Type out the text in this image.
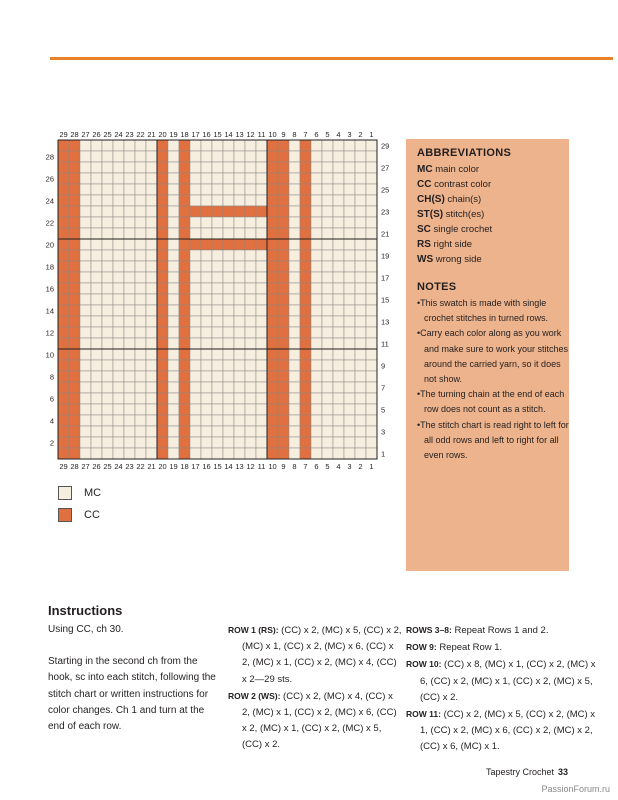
29
29
28
28
27
27
26
26
25
25
24
24
23
23
22
22
21
21
20
20
19
19
18
18
17
17
16
16
15
15
14
14
13
13
12
12
11
11
10
10
9
9
8
8
7
7
6
6
5
5
4
4
3
3
2
2
1
1
28
26
24
22
20
18
16
14
12
10
8
6
4
2
29
27
25
23
21
19
17
15
13
11
9
7
5
3
1
MC
CC
ABBREVIATIONS
MC main color
CC contrast color
CH(S) chain(s)
ST(S) stitch(es)
SC single crochet
RS right side
WS wrong side
NOTES
• This swatch is made with single crochet stitches in turned rows.
• Carry each color along as you work and make sure to work your stitches around the carried yarn, so it does not show.
• The turning chain at the end of each row does not count as a stitch.
• The stitch chart is read right to left for all odd rows and left to right for all even rows.
Instructions

Using CC, ch 30.

Starting in the second ch from the hook, sc into each stitch, following the stitch chart or written instructions for color changes. Ch 1 and turn at the end of each row.

ROW 1 (RS): (CC) x 2, (MC) x 5, (CC) x 2, (MC) x 1, (CC) x 2, (MC) x 6, (CC) x 2, (MC) x 1, (CC) x 2, (MC) x 4, (CC) x 2—29 sts.
ROW 2 (WS): (CC) x 2, (MC) x 4, (CC) x 2, (MC) x 1, (CC) x 2, (MC) x 6, (CC) x 2, (MC) x 1, (CC) x 2, (MC) x 5, (CC) x 2.
ROWS 3–8: Repeat Rows 1 and 2.
ROW 9: Repeat Row 1.
ROW 10: (CC) x 8, (MC) x 1, (CC) x 2, (MC) x 6, (CC) x 2, (MC) x 1, (CC) x 2, (MC) x 5, (CC) x 2.
ROW 11: (CC) x 2, (MC) x 5, (CC) x 2, (MC) x 1, (CC) x 2, (MC) x 6, (CC) x 2, (MC) x 2, (CC) x 6, (MC) x 1.
Tapestry Crochet 33
PassionForum.ru
